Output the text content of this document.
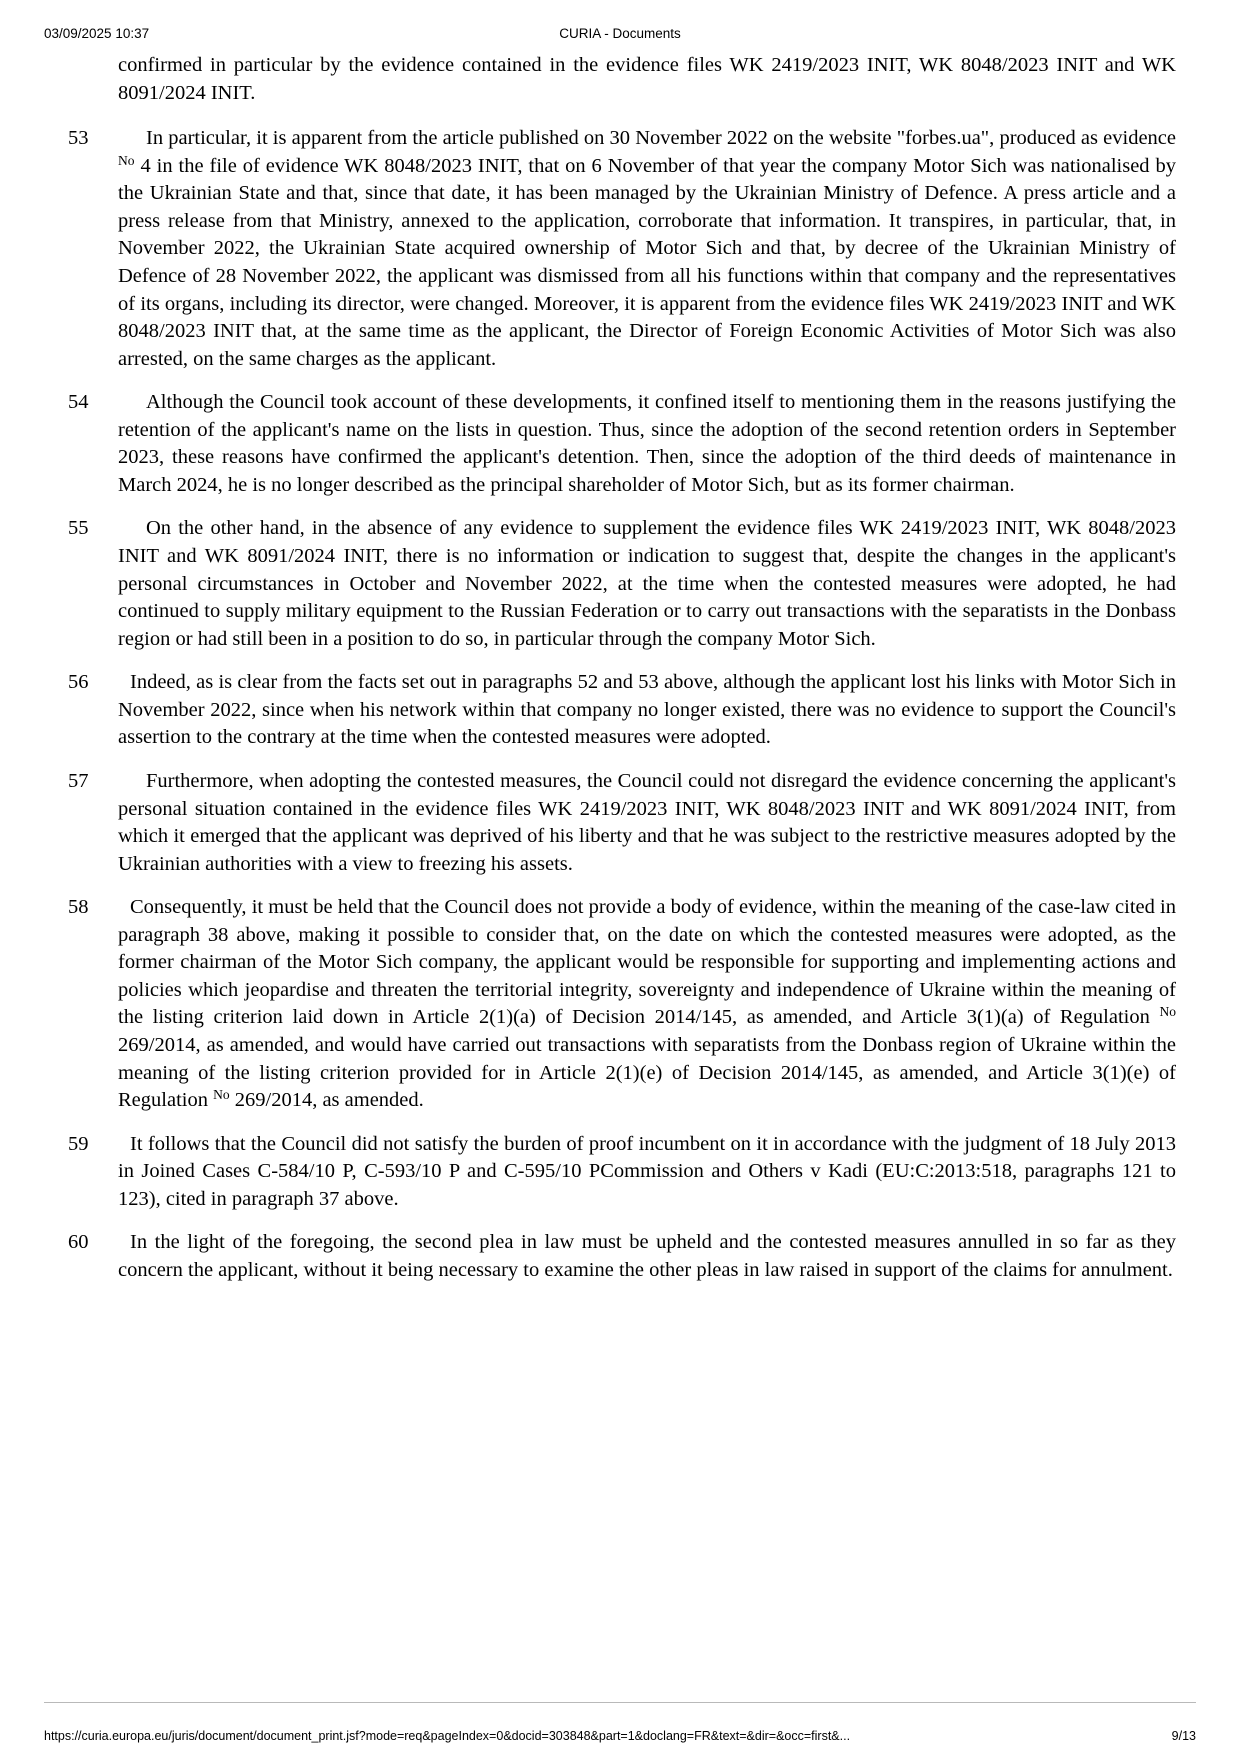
03/09/2025 10:37	CURIA - Documents
confirmed in particular by the evidence contained in the evidence files WK 2419/2023 INIT, WK 8048/2023 INIT and WK 8091/2024 INIT.
53	In particular, it is apparent from the article published on 30 November 2022 on the website "forbes.ua", produced as evidence $^{No}$ 4 in the file of evidence WK 8048/2023 INIT, that on 6 November of that year the company Motor Sich was nationalised by the Ukrainian State and that, since that date, it has been managed by the Ukrainian Ministry of Defence. A press article and a press release from that Ministry, annexed to the application, corroborate that information. It transpires, in particular, that, in November 2022, the Ukrainian State acquired ownership of Motor Sich and that, by decree of the Ukrainian Ministry of Defence of 28 November 2022, the applicant was dismissed from all his functions within that company and the representatives of its organs, including its director, were changed. Moreover, it is apparent from the evidence files WK 2419/2023 INIT and WK 8048/2023 INIT that, at the same time as the applicant, the Director of Foreign Economic Activities of Motor Sich was also arrested, on the same charges as the applicant.
54	Although the Council took account of these developments, it confined itself to mentioning them in the reasons justifying the retention of the applicant's name on the lists in question. Thus, since the adoption of the second retention orders in September 2023, these reasons have confirmed the applicant's detention. Then, since the adoption of the third deeds of maintenance in March 2024, he is no longer described as the principal shareholder of Motor Sich, but as its former chairman.
55	On the other hand, in the absence of any evidence to supplement the evidence files WK 2419/2023 INIT, WK 8048/2023 INIT and WK 8091/2024 INIT, there is no information or indication to suggest that, despite the changes in the applicant's personal circumstances in October and November 2022, at the time when the contested measures were adopted, he had continued to supply military equipment to the Russian Federation or to carry out transactions with the separatists in the Donbass region or had still been in a position to do so, in particular through the company Motor Sich.
56	Indeed, as is clear from the facts set out in paragraphs 52 and 53 above, although the applicant lost his links with Motor Sich in November 2022, since when his network within that company no longer existed, there was no evidence to support the Council's assertion to the contrary at the time when the contested measures were adopted.
57	Furthermore, when adopting the contested measures, the Council could not disregard the evidence concerning the applicant's personal situation contained in the evidence files WK 2419/2023 INIT, WK 8048/2023 INIT and WK 8091/2024 INIT, from which it emerged that the applicant was deprived of his liberty and that he was subject to the restrictive measures adopted by the Ukrainian authorities with a view to freezing his assets.
58	Consequently, it must be held that the Council does not provide a body of evidence, within the meaning of the case-law cited in paragraph 38 above, making it possible to consider that, on the date on which the contested measures were adopted, as the former chairman of the Motor Sich company, the applicant would be responsible for supporting and implementing actions and policies which jeopardise and threaten the territorial integrity, sovereignty and independence of Ukraine within the meaning of the listing criterion laid down in Article 2(1)(a) of Decision 2014/145, as amended, and Article 3(1)(a) of Regulation $^{No}$ 269/2014, as amended, and would have carried out transactions with separatists from the Donbass region of Ukraine within the meaning of the listing criterion provided for in Article 2(1)(e) of Decision 2014/145, as amended, and Article 3(1)(e) of Regulation $^{No}$ 269/2014, as amended.
59	It follows that the Council did not satisfy the burden of proof incumbent on it in accordance with the judgment of 18 July 2013 in Joined Cases C-584/10 P, C-593/10 P and C-595/10 PCommission and Others v Kadi (EU:C:2013:518, paragraphs 121 to 123), cited in paragraph 37 above.
60	In the light of the foregoing, the second plea in law must be upheld and the contested measures annulled in so far as they concern the applicant, without it being necessary to examine the other pleas in law raised in support of the claims for annulment.
https://curia.europa.eu/juris/document/document_print.jsf?mode=req&pageIndex=0&docid=303848&part=1&doclang=FR&text=&dir=&occ=first&...	9/13
